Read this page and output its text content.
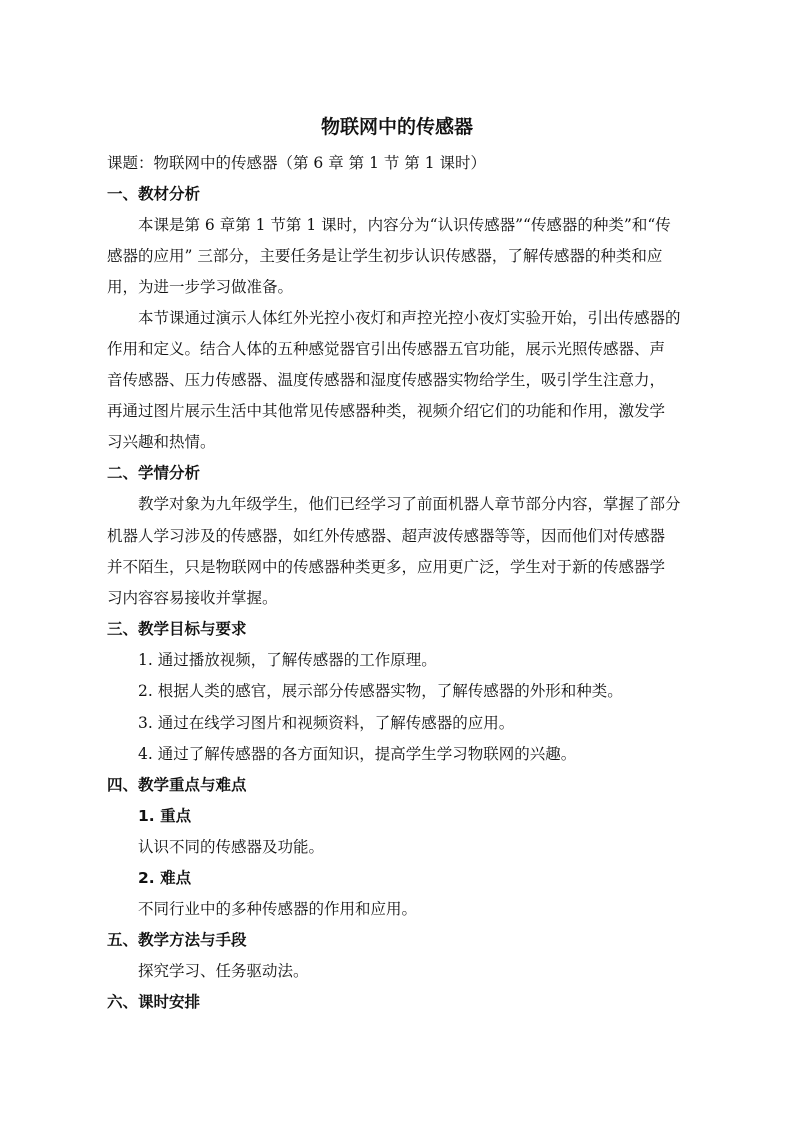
物联网中的传感器
课题：物联网中的传感器（第 6 章 第 1 节 第 1 课时）
一、教材分析
本课是第 6 章第 1 节第 1 课时，内容分为“认识传感器”“传感器的种类”和“传
感器的应用” 三部分，主要任务是让学生初步认识传感器，了解传感器的种类和应
用，为进一步学习做准备。
本节课通过演示人体红外光控小夜灯和声控光控小夜灯实验开始，引出传感器的
作用和定义。结合人体的五种感觉器官引出传感器五官功能，展示光照传感器、声
音传感器、压力传感器、温度传感器和湿度传感器实物给学生，吸引学生注意力，
再通过图片展示生活中其他常见传感器种类，视频介绍它们的功能和作用，激发学
习兴趣和热情。
二、学情分析
教学对象为九年级学生，他们已经学习了前面机器人章节部分内容，掌握了部分
机器人学习涉及的传感器，如红外传感器、超声波传感器等等，因而他们对传感器
并不陌生，只是物联网中的传感器种类更多，应用更广泛，学生对于新的传感器学
习内容容易接收并掌握。
三、教学目标与要求
1. 通过播放视频，了解传感器的工作原理。
2. 根据人类的感官，展示部分传感器实物，了解传感器的外形和种类。
3. 通过在线学习图片和视频资料，了解传感器的应用。
4. 通过了解传感器的各方面知识，提高学生学习物联网的兴趣。
四、教学重点与难点
1. 重点
认识不同的传感器及功能。
2. 难点
不同行业中的多种传感器的作用和应用。
五、教学方法与手段
探究学习、任务驱动法。
六、课时安排
